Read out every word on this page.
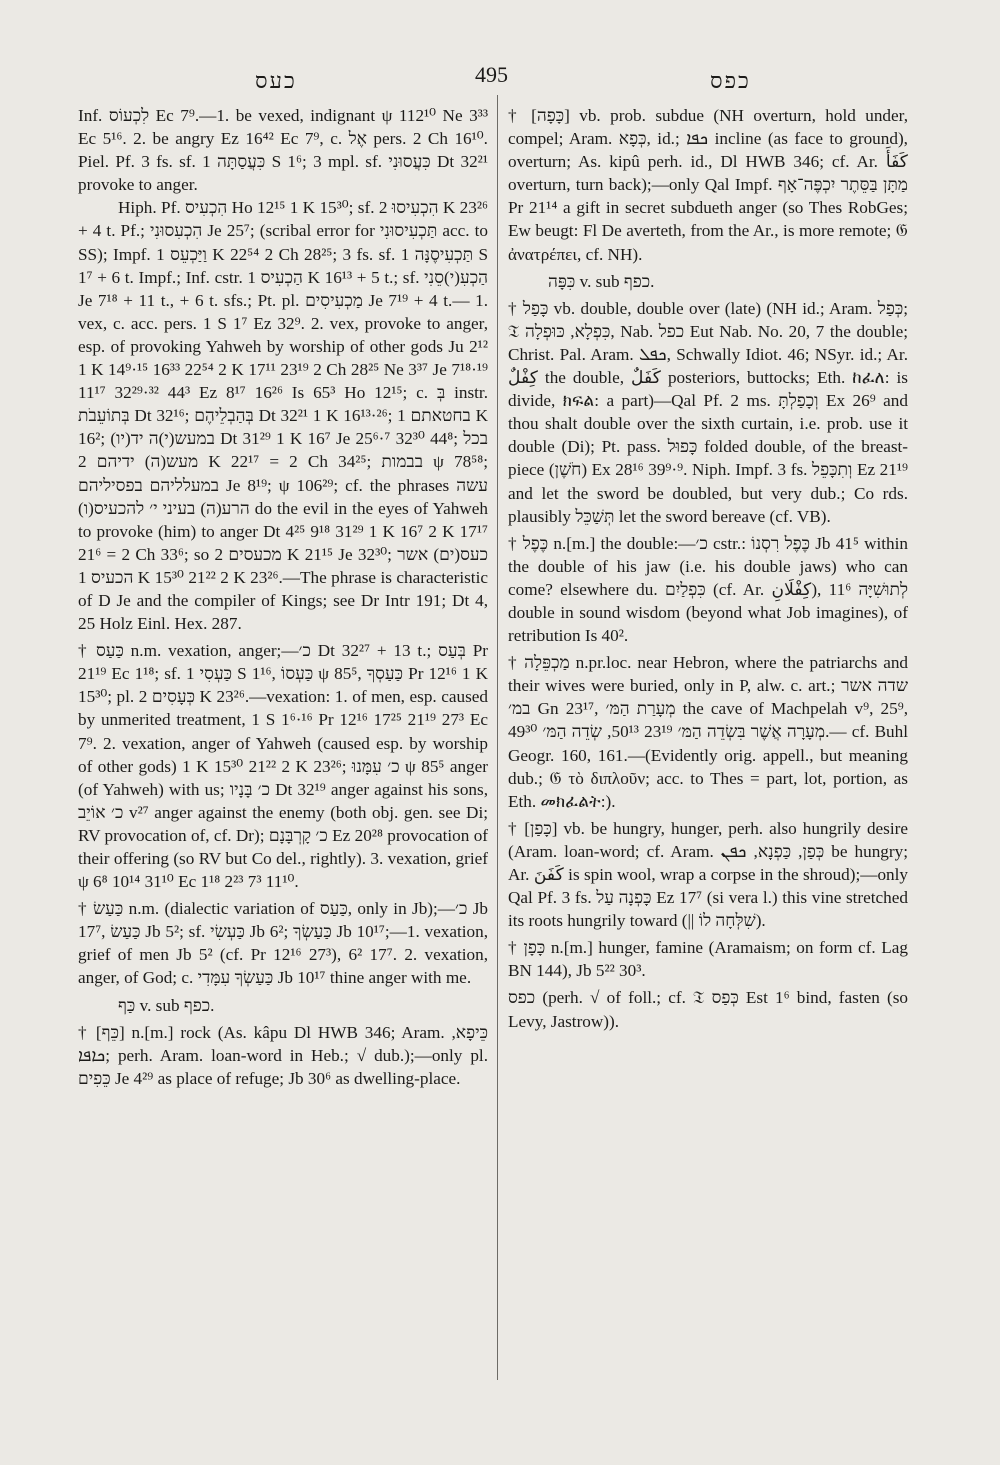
כעס	495	כפס

Inf. לִכְעוֹס Ec 7⁹.—1. be vexed, indignant ψ 112¹⁰ Ne 3³³ Ec 5¹⁶. 2. be angry Ez 16⁴² Ec 7⁹, c. אֶל pers. 2 Ch 16¹⁰. Piel. Pf. 3 fs. sf. כִּעֲסַתָּה 1 S 1⁶; 3 mpl. sf. כִּעֲסוּנִי Dt 32²¹ provoke to anger.

Hiph. Pf. הִכְעִיס Ho 12¹⁵ 1 K 15³⁰; sf. הִכְעִיסוּ 2 K 23²⁶ + 4 t. Pf.; הִכְעִסוּנִי Je 25⁷; (scribal error for תַּכְעִיסוּנִי acc. to SS); Impf. וַיַּכְעֵס 1 K 22⁵⁴ 2 Ch 28²⁵; 3 fs. sf. תַּכְעִיסֶנָּה 1 S 1⁷ + 6 t. Impf.; Inf. cstr. הַכְעִיס 1 K 16¹³ + 5 t.; sf. הַכְעִ(י)סֵנִי Je 7¹⁸ + 11 t., + 6 t. sfs.; Pt. pl. מַכְעִיסִים Je 7¹⁹ + 4 t.— 1. vex, c. acc. pers. 1 S 1⁷ Ez 32⁹. 2. vex, provoke to anger, esp. of provoking Yahweh by worship of other gods Ju 2¹² 1 K 14⁹·¹⁵ 16³³ 22⁵⁴ 2 K 17¹¹ 23¹⁹ 2 Ch 28²⁵ Ne 3³⁷ Je 7¹⁸·¹⁹ 11¹⁷ 32²⁹·³² 44³ Ez 8¹⁷ 16²⁶ Is 65³ Ho 12¹⁵; c. בְּ instr. בְּתוֹעֵבֹת Dt 32¹⁶; בְּהַבְלֵיהֶם Dt 32²¹ 1 K 16¹³·²⁶; בחטאתם 1 K 16²; במעש(י)ה יד(יו) Dt 31²⁹ 1 K 16⁷ Je 25⁶·⁷ 32³⁰ 44⁸; בכל מעש(ה) ידיהם 2 K 22¹⁷ = 2 Ch 34²⁵; בבמות ψ 78⁵⁸; במעלליהם בפסיליהם Je 8¹⁹; ψ 106²⁹; cf. the phrases עשה הרע(ה) בעיני י׳ להכעיס(ו) do the evil in the eyes of Yahweh to provoke (him) to anger Dt 4²⁵ 9¹⁸ 31²⁹ 1 K 16⁷ 2 K 17¹⁷ 21⁶ = 2 Ch 33⁶; so מכעסים 2 K 21¹⁵ Je 32³⁰; כעס(ים) אשר הכעיס 1 K 15³⁰ 21²² 2 K 23²⁶.—The phrase is characteristic of D Je and the compiler of Kings; see Dr Intr 191; Dt 4, 25 Holz Einl. Hex. 287.

† כַּעַס n.m. vexation, anger;—כ׳ Dt 32²⁷ + 13 t.; בְּעַס Pr 21¹⁹ Ec 1¹⁸; sf. כַּעְסִי 1 S 1¹⁶, כַּעְסוֹ ψ 85⁵, כַּעַסְךָ Pr 12¹⁶ 1 K 15³⁰; pl. כְּעָסִים 2 K 23²⁶.—vexation: 1. of men, esp. caused by unmerited treatment, 1 S 1⁶·¹⁶ Pr 12¹⁶ 17²⁵ 21¹⁹ 27³ Ec 7⁹. 2. vexation, anger of Yahweh (caused esp. by worship of other gods) 1 K 15³⁰ 21²² 2 K 23²⁶; כ׳ עִמָּנוּ ψ 85⁵ anger (of Yahweh) with us; כ׳ בָּנָיו Dt 32¹⁹ anger against his sons, כ׳ אוֹיֵב v²⁷ anger against the enemy (both obj. gen. see Di; RV provocation of, cf. Dr); כ׳ קָרְבָּנָם Ez 20²⁸ provocation of their offering (so RV but Co del., rightly). 3. vexation, grief ψ 6⁸ 10¹⁴ 31¹⁰ Ec 1¹⁸ 2²³ 7³ 11¹⁰.

† כַּעַשׂ n.m. (dialectic variation of כַּעַס, only in Jb);—כ׳ Jb 17⁷, כַּעַשׂ Jb 5²; sf. כַּעְשִׂי Jb 6²; כַּעַשְׂךָ Jb 10¹⁷;—1. vexation, grief of men Jb 5² (cf. Pr 12¹⁶ 27³), 6² 17⁷. 2. vexation, anger, of God; c. כַּעַשְׂךָ עִמָּדִי Jb 10¹⁷ thine anger with me.

כַּף v. sub כפף.

† [כֵּף] n.[m.] rock (As. kâpu Dl HWB 346; Aram. כֵּיפָא, ܟܐܦܐ; perh. Aram. loan-word in Heb.; √ dub.);—only pl. כֵּפִים Je 4²⁹ as place of refuge; Jb 30⁶ as dwelling-place.

† [כָּפָה] vb. prob. subdue (NH overturn, hold under, compel; Aram. כְּפָא, id.; ܟܦܐ incline (as face to ground), overturn; As. kipû perh. id., Dl HWB 346; cf. Ar. كَفَأَ overturn, turn back);—only Qal Impf. מַתָּן בַּסֵּתֶר יִכְפֶּה־אָף Pr 21¹⁴ a gift in secret subdueth anger (so Thes RobGes; Ew beugt: Fl De averteth, from the Ar., is more remote; 𝔊 ἀνατρέπει, cf. NH).

כִּפָּה v. sub כפף.

† כָּפַל vb. double, double over (late) (NH id.; Aram. כְּפַל; 𝔗 כִּפְלָא, כּוּפְלָה, Nab. כפל Eut Nab. No. 20, 7 the double; Christ. Pal. Aram. ܟܦܠ, Schwally Idiot. 46; NSyr. id.; Ar. كِفْلٌ the double, كَفَلٌ posteriors, buttocks; Eth. ከፈለ: is divide, ክፍል: a part)—Qal Pf. 2 ms. וְכָפַלְתָּ Ex 26⁹ and thou shalt double over the sixth curtain, i.e. prob. use it double (Di); Pt. pass. כָּפוּל folded double, of the breast-piece (חֹשֶׁן) Ex 28¹⁶ 39⁹·⁹. Niph. Impf. 3 fs. וְתִכָּפֵל Ez 21¹⁹ and let the sword be doubled, but very dub.; Co rds. plausibly תְּשַׁכֵּל let the sword bereave (cf. VB).

† כֶּפֶל n.[m.] the double:—כ׳ cstr.: כֶּפֶל רִסְנוֹ Jb 41⁵ within the double of his jaw (i.e. his double jaws) who can come? elsewhere du. כִּפְלַיִם (cf. Ar. كِفْلَانِ), לְתוּשִׁיָּה 11⁶ double in sound wisdom (beyond what Job imagines), of retribution Is 40².

† מַכְפֵּלָה n.pr.loc. near Hebron, where the patriarchs and their wives were buried, only in P, alw. c. art.; שדה אשר במ׳ Gn 23¹⁷, מְעָרַת הַמּ׳ the cave of Machpelah v⁹, 25⁹, מְעָרָה אֲשֶׁר בִּשְׂדֵה הַמּ׳ 23¹⁹ 50¹³, שְׂדֵה הַמּ׳ 49³⁰.— cf. Buhl Geogr. 160, 161.—(Evidently orig. appell., but meaning dub.; 𝔊 τὸ διπλοῦν; acc. to Thes = part, lot, portion, as Eth. መክፈልት:).

† [כָּפַן] vb. be hungry, hunger, perh. also hungrily desire (Aram. loan-word; cf. Aram. כְּפַן, כַּפְנָא, ܟܦܢ be hungry; Ar. كَفَنَ is spin wool, wrap a corpse in the shroud);—only Qal Pf. 3 fs. כָּפְנָה עַל Ez 17⁷ (si vera l.) this vine stretched its roots hungrily toward (|| שִׁלְּחָה לוֹ).

† כָּפָן n.[m.] hunger, famine (Aramaism; on form cf. Lag BN 144), Jb 5²² 30³.

כפס (perh. √ of foll.; cf. 𝔗 כְּפַס Est 1⁶ bind, fasten (so Levy, Jastrow)).
